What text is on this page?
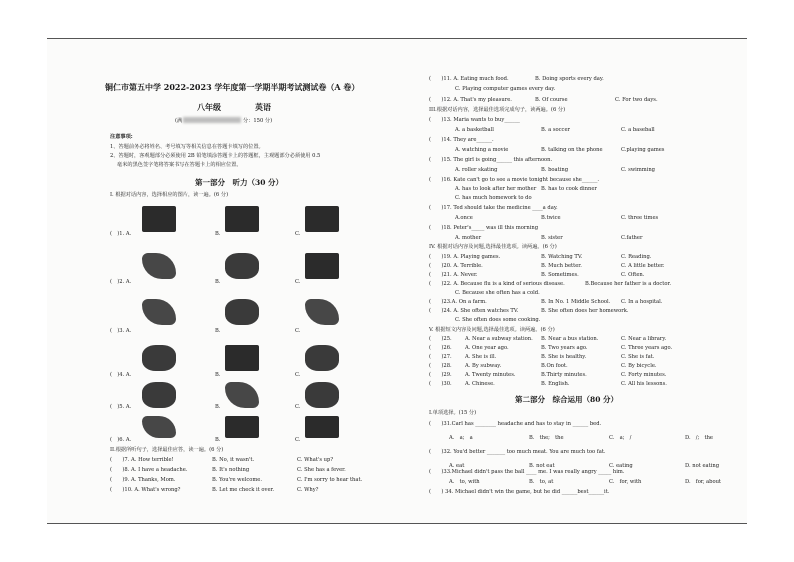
铜仁市第五中学 2022-2023 学年度第一学期半期考试测试卷（A 卷）
八年级	英语
(满	分：150 分)
注意事项:
1、答题前务必将姓名、考号填写等相关信息在答题卡填写的位置。
2、答题时，客观题部分必须使用 2B 铅笔填涂答题卡上的答题框，主观题部分必须使用 0.5
毫米的黑色签字笔将答案书写在答题卡上的相应位置。
第一部分　听力（30 分）
I. 根据对话内容，选择相应的图片，读一遍。(6 分)
(　)1. A.	B.	C.
(　)2. A.	B.	C.
(　)3. A.	B.	C.
(　)4. A.	B.	C.
(　)5. A.	B.	C.
(　)6. A.	B.	C.
II.根据所听句子，选择最佳应答，读一遍。(6 分)
(　　)7. A. How terrible!	B. No, it wasn't.	C. What's up?
(　　)8. A. I have a headache.	B. It's nothing	C. She has a fever.
(　　)9. A. Thanks, Mom.	B. You're welcome.	C. I'm sorry to hear that.
(　　)10. A. What's wrong?	B. Let me check it over.	C. Why?
(　　)11. A. Eating much food.	B. Doing sports every day.
C. Playing computer games every day.
(　　)12. A. That's my pleasure.	B. Of course	C. For two days.
III.根据对话内容，选择最佳选项完成句子，读两遍。(6 分)
(　　)13. Maria wants to buy______
A. a basketball	B. a soccer	C. a baseball
(　　)14. They are______.
A. watching a movie	B. talking on the phone	C.playing games
(　　)15. The girl is going______ this afternoon.
A. roller skating	B. boating	C. swimming
(　　)16. Kate can't go to see a movie tonight because she______.
A. has to look after her mother B. has to cook dinner
C. has much homework to do
(　　)17. Ted should take the medicine ____a day.
A.once	B.twice	C. three times
(　　)18. Peter's_____ was ill this morning
A. mother	B. sister	C.father
IV. 根据对话内容及问题,选择最佳选项。读两遍。(6 分)
(　　)19. A. Playing games.	B. Watching TV.	C. Reading.
(　　)20. A. Terrible.	B. Much better.	C. A little better.
(　　)21. A. Never.	B. Sometimes.	C. Often.
(　　)22. A. Because flu is a kind of serious disease.	B.Because her father is a doctor.
C. Because she often has a cold.
(　　)23.A. On a farm.	B. In No. 1 Middle School. C. In a hospital.
(　　)24. A. She often watches TV.	B. She often does her homework.
C. She often does some cooking.
V. 根据短文内容及问题,选择最佳选项。读两遍。(6 分)
(　　)25.	A. Near a subway station. B. Near a bus station.	C. Near a library.
(　　)26.	A. One year ago.	B. Two years ago.	C. Three years ago.
(　　)27.	A. She is ill.	B. She is healthy.	C. She is fat.
(　　)28.	A. By subway.	B.On foot.	C. By bicycle.
(　　)29.	A. Twenty minutes.	B.Thirty minutes.	C. Forty minutes.
(　　)30.	A. Chinese.	B. English.	C. All his lessons.
第二部分　综合运用（80 分）
I.单项选择。(15 分)
(　　)31.Carl has ________ headache and has to stay in ______ bed.
A.　a;　a	B.　the;　the	C.　a;　/	D.　/;　the
(　　)32. You'd better _______ too much meat. You are much too fat.
A. eat	B. not eat	C. eating	D. not eating
(　　)33.Michael didn't pass the ball ____ me. I was really angry _____ him.
A.　to, with	B.　to, at	C.　for, with	D.　for, about
(　　) 34. Michael didn't win the game, but he did ______best______it.
